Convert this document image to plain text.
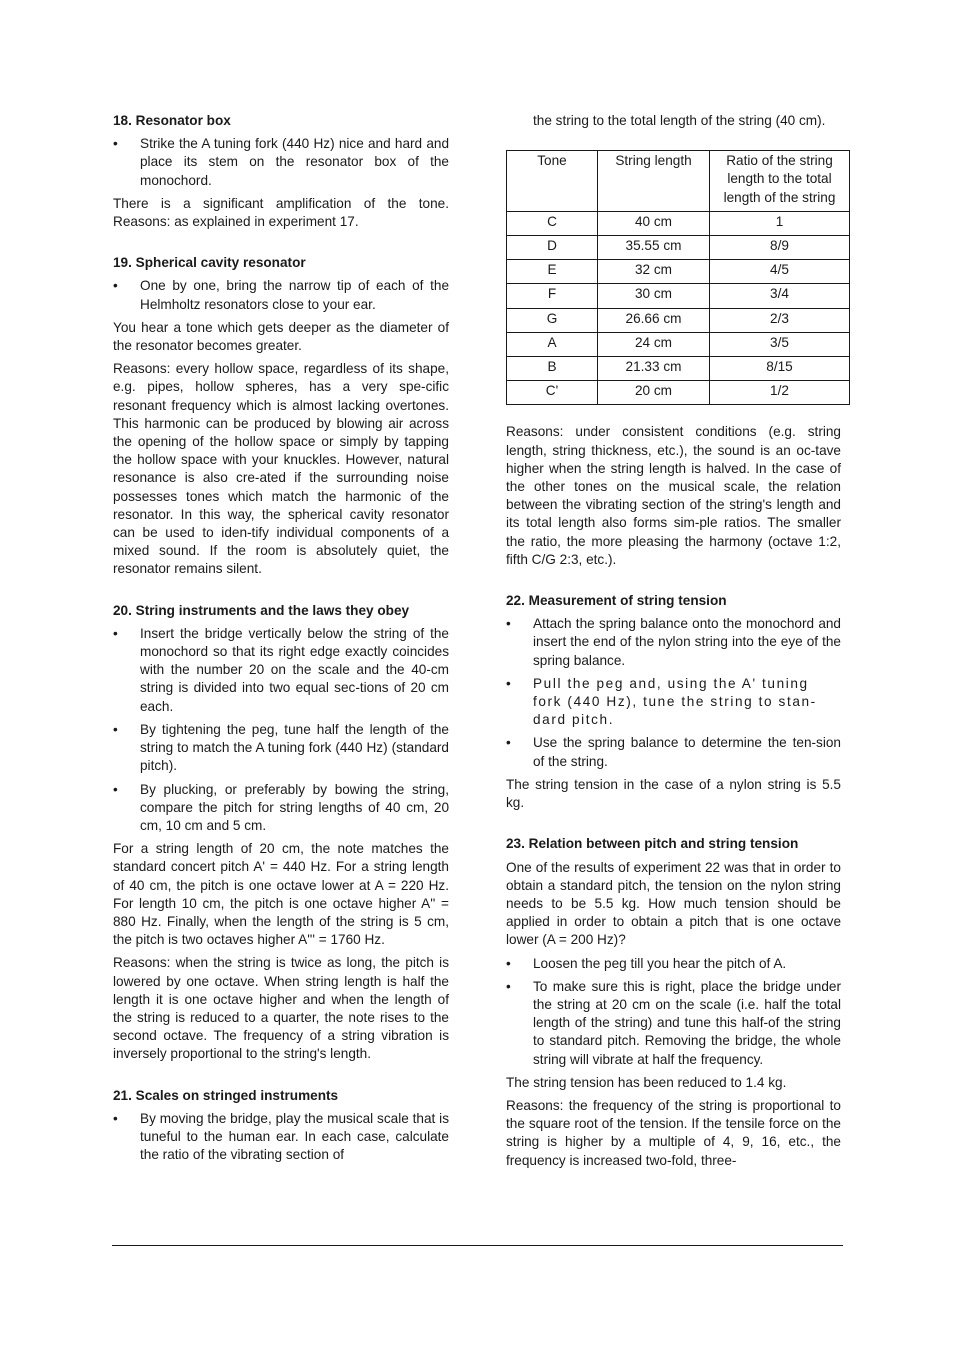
18. Resonator box
• Strike the A tuning fork (440 Hz) nice and hard and place its stem on the resonator box of the monochord.

There is a significant amplification of the tone. Reasons: as explained in experiment 17.

19. Spherical cavity resonator
• One by one, bring the narrow tip of each of the Helmholtz resonators close to your ear.

You hear a tone which gets deeper as the diameter of the resonator becomes greater.

Reasons: every hollow space, regardless of its shape, e.g. pipes, hollow spheres, has a very spe-cific resonant frequency which is almost lacking overtones. This harmonic can be produced by blowing air across the opening of the hollow space or simply by tapping the hollow space with your knuckles. However, natural resonance is also cre-ated if the surrounding noise possesses tones which match the harmonic of the resonator. In this way, the spherical cavity resonator can be used to iden-tify individual components of a mixed sound. If the room is absolutely quiet, the resonator remains silent.

20. String instruments and the laws they obey
• Insert the bridge vertically below the string of the monochord so that its right edge exactly coincides with the number 20 on the scale and the 40-cm string is divided into two equal sec-tions of 20 cm each.
• By tightening the peg, tune half the length of the string to match the A tuning fork (440 Hz) (standard pitch).
• By plucking, or preferably by bowing the string, compare the pitch for string lengths of 40 cm, 20 cm, 10 cm and 5 cm.

For a string length of 20 cm, the note matches the standard concert pitch A' = 440 Hz. For a string length of 40 cm, the pitch is one octave lower at A = 220 Hz. For length 10 cm, the pitch is one octave higher A'' = 880 Hz. Finally, when the length of the string is 5 cm, the pitch is two octaves higher A''' = 1760 Hz.

Reasons: when the string is twice as long, the pitch is lowered by one octave. When string length is half the length it is one octave higher and when the length of the string is reduced to a quarter, the note rises to the second octave. The frequency of a string vibration is inversely proportional to the string's length.

21. Scales on stringed instruments
• By moving the bridge, play the musical scale that is tuneful to the human ear. In each case, calculate the ratio of the vibrating section of

the string to the total length of the string (40 cm).

Tone	String length	Ratio of the string length to the total length of the string
C	40 cm	1
D	35.55 cm	8/9
E	32 cm	4/5
F	30 cm	3/4
G	26.66 cm	2/3
A	24 cm	3/5
B	21.33 cm	8/15
C'	20 cm	1/2

Reasons: under consistent conditions (e.g. string length, string thickness, etc.), the sound is an oc-tave higher when the string length is halved. In the case of the other tones on the musical scale, the relation between the vibrating section of the string's length and its total length also forms sim-ple ratios. The smaller the ratio, the more pleasing the harmony (octave 1:2, fifth C/G 2:3, etc.).

22. Measurement of string tension
• Attach the spring balance onto the monochord and insert the end of the nylon string into the eye of the spring balance.
• Pull the peg and, using the A' tuning fork (440 Hz), tune the string to stan-dard pitch.
• Use the spring balance to determine the ten-sion of the string.

The string tension in the case of a nylon string is 5.5 kg.

23. Relation between pitch and string tension

One of the results of experiment 22 was that in order to obtain a standard pitch, the tension on the nylon string needs to be 5.5 kg. How much tension should be applied in order to obtain a pitch that is one octave lower (A = 200 Hz)?

• Loosen the peg till you hear the pitch of A.
• To make sure this is right, place the bridge under the string at 20 cm on the scale (i.e. half the total length of the string) and tune this half-of the string to standard pitch. Removing the bridge, the whole string will vibrate at half the frequency.

The string tension has been reduced to 1.4 kg.

Reasons: the frequency of the string is proportional to the square root of the tension. If the tensile force on the string is higher by a multiple of 4, 9, 16, etc., the frequency is increased two-fold, three-
